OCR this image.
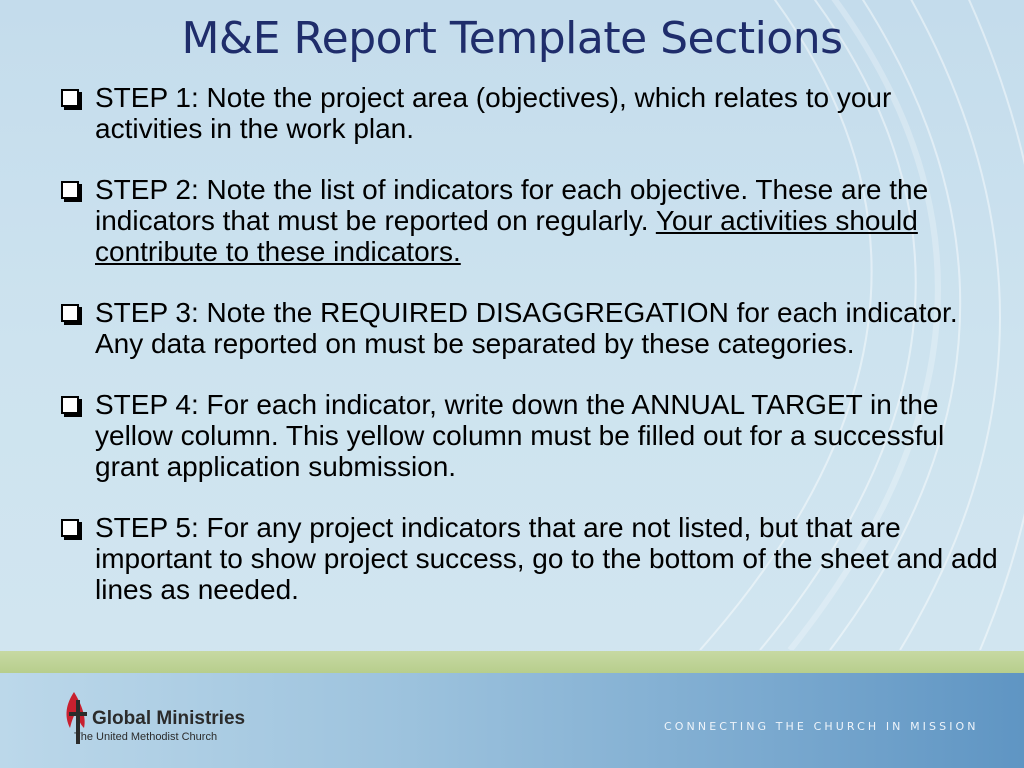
M&E Report Template Sections
STEP 1: Note the project area (objectives), which relates to your activities in the work plan.
STEP 2: Note the list of indicators for each objective. These are the indicators that must be reported on regularly. Your activities should contribute to these indicators.
STEP 3: Note the REQUIRED DISAGGREGATION for each indicator. Any data reported on must be separated by these categories.
STEP 4: For each indicator, write down the ANNUAL TARGET in the yellow column. This yellow column must be filled out for a successful grant application submission.
STEP 5: For any project indicators that are not listed, but that are important to show project success, go to the bottom of the sheet and add lines as needed.
Global Ministries
The United Methodist Church
CONNECTING THE CHURCH IN MISSION
